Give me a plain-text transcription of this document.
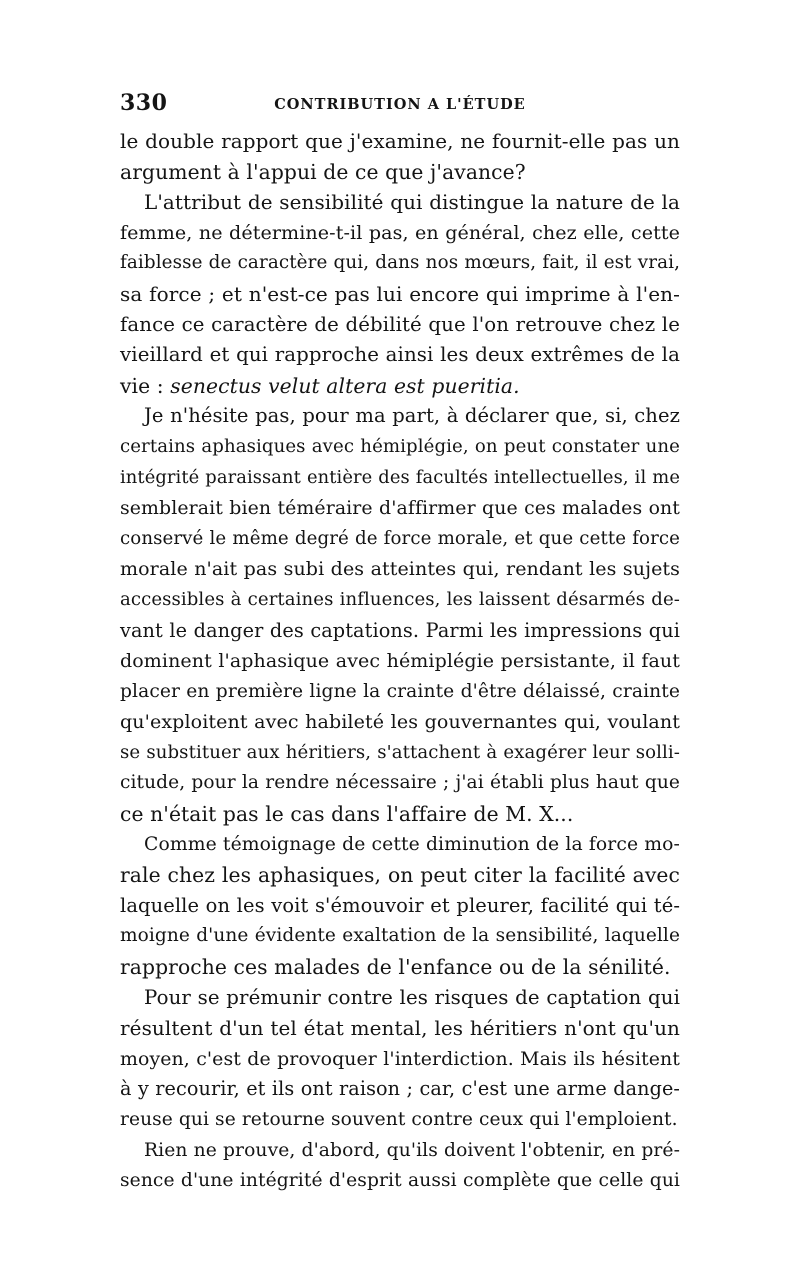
330	CONTRIBUTION A L'ÉTUDE
le double rapport que j'examine, ne fournit-elle pas un
argument à l'appui de ce que j'avance?
L'attribut de sensibilité qui distingue la nature de la
femme, ne détermine-t-il pas, en général, chez elle, cette
faiblesse de caractère qui, dans nos mœurs, fait, il est vrai,
sa force ; et n'est-ce pas lui encore qui imprime à l'en-
fance ce caractère de débilité que l'on retrouve chez le
vieillard et qui rapproche ainsi les deux extrêmes de la
vie : senectus velut altera est pueritia.
Je n'hésite pas, pour ma part, à déclarer que, si, chez
certains aphasiques avec hémiplégie, on peut constater une
intégrité paraissant entière des facultés intellectuelles, il me
semblerait bien téméraire d'affirmer que ces malades ont
conservé le même degré de force morale, et que cette force
morale n'ait pas subi des atteintes qui, rendant les sujets
accessibles à certaines influences, les laissent désarmés de-
vant le danger des captations. Parmi les impressions qui
dominent l'aphasique avec hémiplégie persistante, il faut
placer en première ligne la crainte d'être délaissé, crainte
qu'exploitent avec habileté les gouvernantes qui, voulant
se substituer aux héritiers, s'attachent à exagérer leur solli-
citude, pour la rendre nécessaire ; j'ai établi plus haut que
ce n'était pas le cas dans l'affaire de M. X...
Comme témoignage de cette diminution de la force mo-
rale chez les aphasiques, on peut citer la facilité avec
laquelle on les voit s'émouvoir et pleurer, facilité qui té-
moigne d'une évidente exaltation de la sensibilité, laquelle
rapproche ces malades de l'enfance ou de la sénilité.
Pour se prémunir contre les risques de captation qui
résultent d'un tel état mental, les héritiers n'ont qu'un
moyen, c'est de provoquer l'interdiction. Mais ils hésitent
à y recourir, et ils ont raison ; car, c'est une arme dange-
reuse qui se retourne souvent contre ceux qui l'emploient.
Rien ne prouve, d'abord, qu'ils doivent l'obtenir, en pré-
sence d'une intégrité d'esprit aussi complète que celle qui
